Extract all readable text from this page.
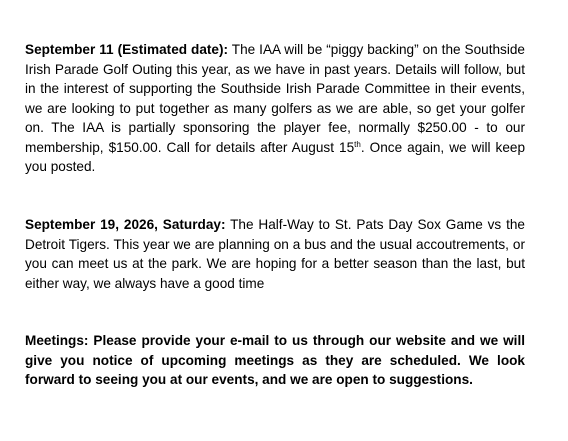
September 11 (Estimated date): The IAA will be “piggy backing” on the Southside Irish Parade Golf Outing this year, as we have in past years. Details will follow, but in the interest of supporting the Southside Irish Parade Committee in their events, we are looking to put together as many golfers as we are able, so get your golfer on. The IAA is partially sponsoring the player fee, normally $250.00 - to our membership, $150.00. Call for details after August 15th. Once again, we will keep you posted.

September 19, 2026, Saturday: The Half-Way to St. Pats Day Sox Game vs the Detroit Tigers. This year we are planning on a bus and the usual accoutrements, or you can meet us at the park. We are hoping for a better season than the last, but either way, we always have a good time

Meetings: Please provide your e-mail to us through our website and we will give you notice of upcoming meetings as they are scheduled. We look forward to seeing you at our events, and we are open to suggestions.
